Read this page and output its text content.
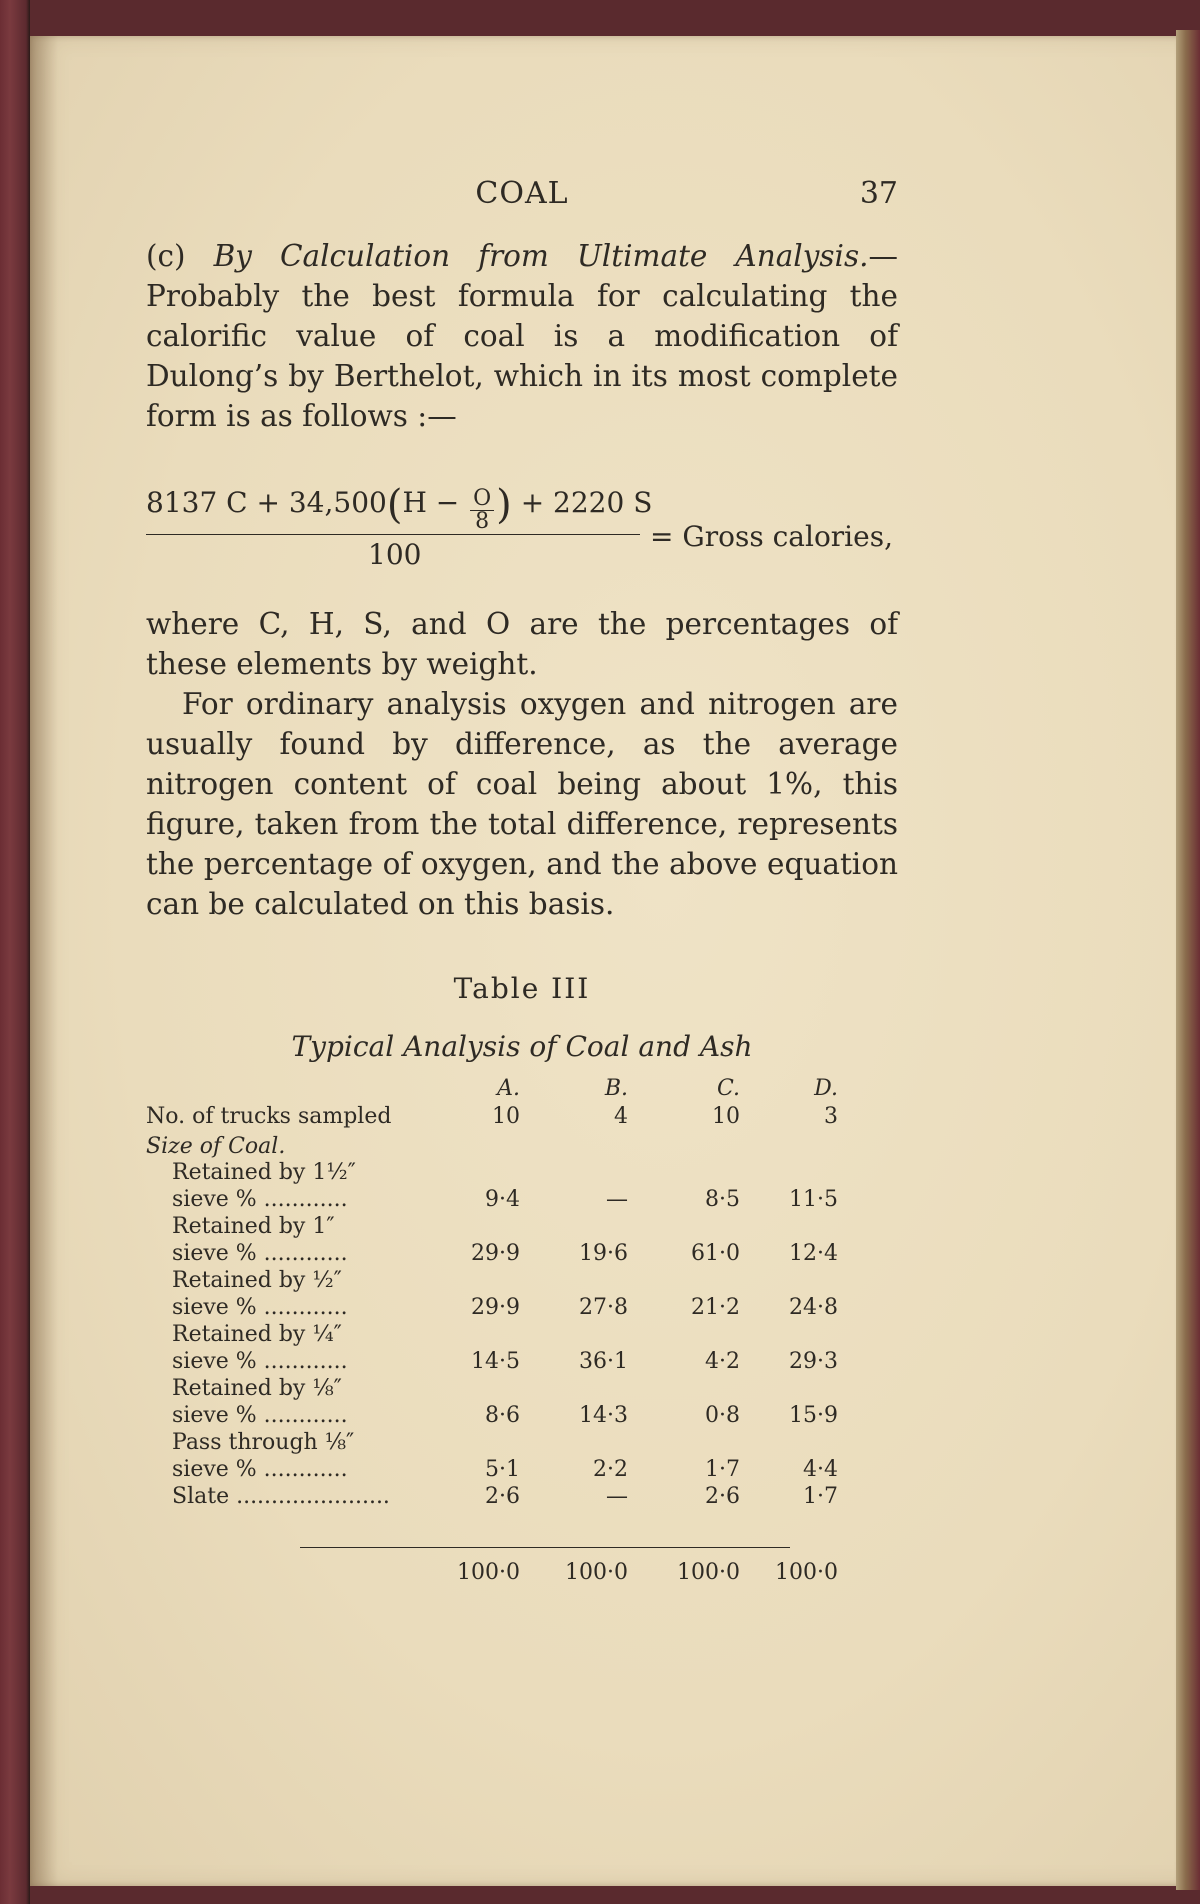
COAL	37
(c) By Calculation from Ultimate Analysis.— Probably the best formula for calculating the calorific value of coal is a modification of Dulong’s by Berthelot, which in its most complete form is as follows :—
8137 $C + 34,500(H - \frac{O}{8}$ ) + 2220 S
100
= Gross calories,
where C, H, S, and O are the percentages of these elements by weight.
For ordinary analysis oxygen and nitrogen are usually found by difference, as the average nitrogen content of coal being about 1%, this figure, taken from the total difference, represents the percentage of oxygen, and the above equation can be calculated on this basis.
Table III
Typical Analysis of Coal and Ash
A.	B.	C.	D.
No. of trucks sampled	10	4	10	3
Size of Coal.
Retained by 1½″
sieve % ............	9·4	—	8·5	11·5
Retained by 1″
sieve % ............	29·9	19·6	61·0	12·4
Retained by ½″
sieve % ............	29·9	27·8	21·2	24·8
Retained by ¼″
sieve % ............	14·5	36·1	4·2	29·3
Retained by ⅛″
sieve % ............	8·6	14·3	0·8	15·9
Pass through ⅛″
sieve % ............	5·1	2·2	1·7	4·4
Slate ......................	2·6	—	2·6	1·7
100·0	100·0	100·0	100·0
